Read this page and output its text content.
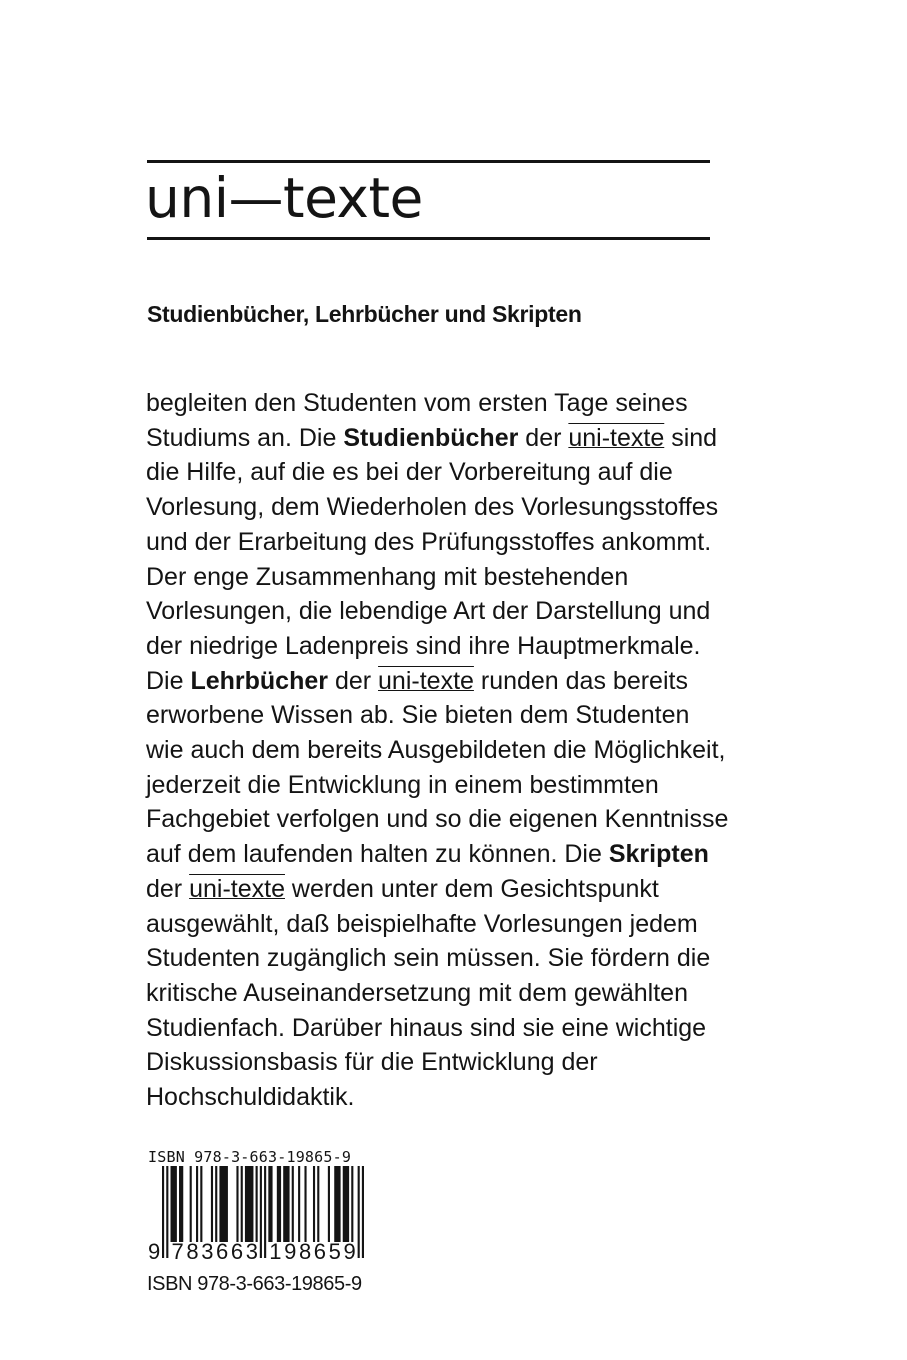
uni—texte
Studienbücher, Lehrbücher und Skripten
begleiten den Studenten vom ersten Tage seines
Studiums an. Die Studienbücher der uni-texte sind
die Hilfe, auf die es bei der Vorbereitung auf die
Vorlesung, dem Wiederholen des Vorlesungsstoffes
und der Erarbeitung des Prüfungsstoffes ankommt.
Der enge Zusammenhang mit bestehenden
Vorlesungen, die lebendige Art der Darstellung und
der niedrige Ladenpreis sind ihre Hauptmerkmale.
Die Lehrbücher der uni-texte runden das bereits
erworbene Wissen ab. Sie bieten dem Studenten
wie auch dem bereits Ausgebildeten die Möglichkeit,
jederzeit die Entwicklung in einem bestimmten
Fachgebiet verfolgen und so die eigenen Kenntnisse
auf dem laufenden halten zu können. Die Skripten
der uni-texte werden unter dem Gesichtspunkt
ausgewählt, daß beispielhafte Vorlesungen jedem
Studenten zugänglich sein müssen. Sie fördern die
kritische Auseinandersetzung mit dem gewählten
Studienfach. Darüber hinaus sind sie eine wichtige
Diskussionsbasis für die Entwicklung der
Hochschuldidaktik.
ISBN 978-3-663-19865-9
9 783663 198659
ISBN 978-3-663-19865-9
